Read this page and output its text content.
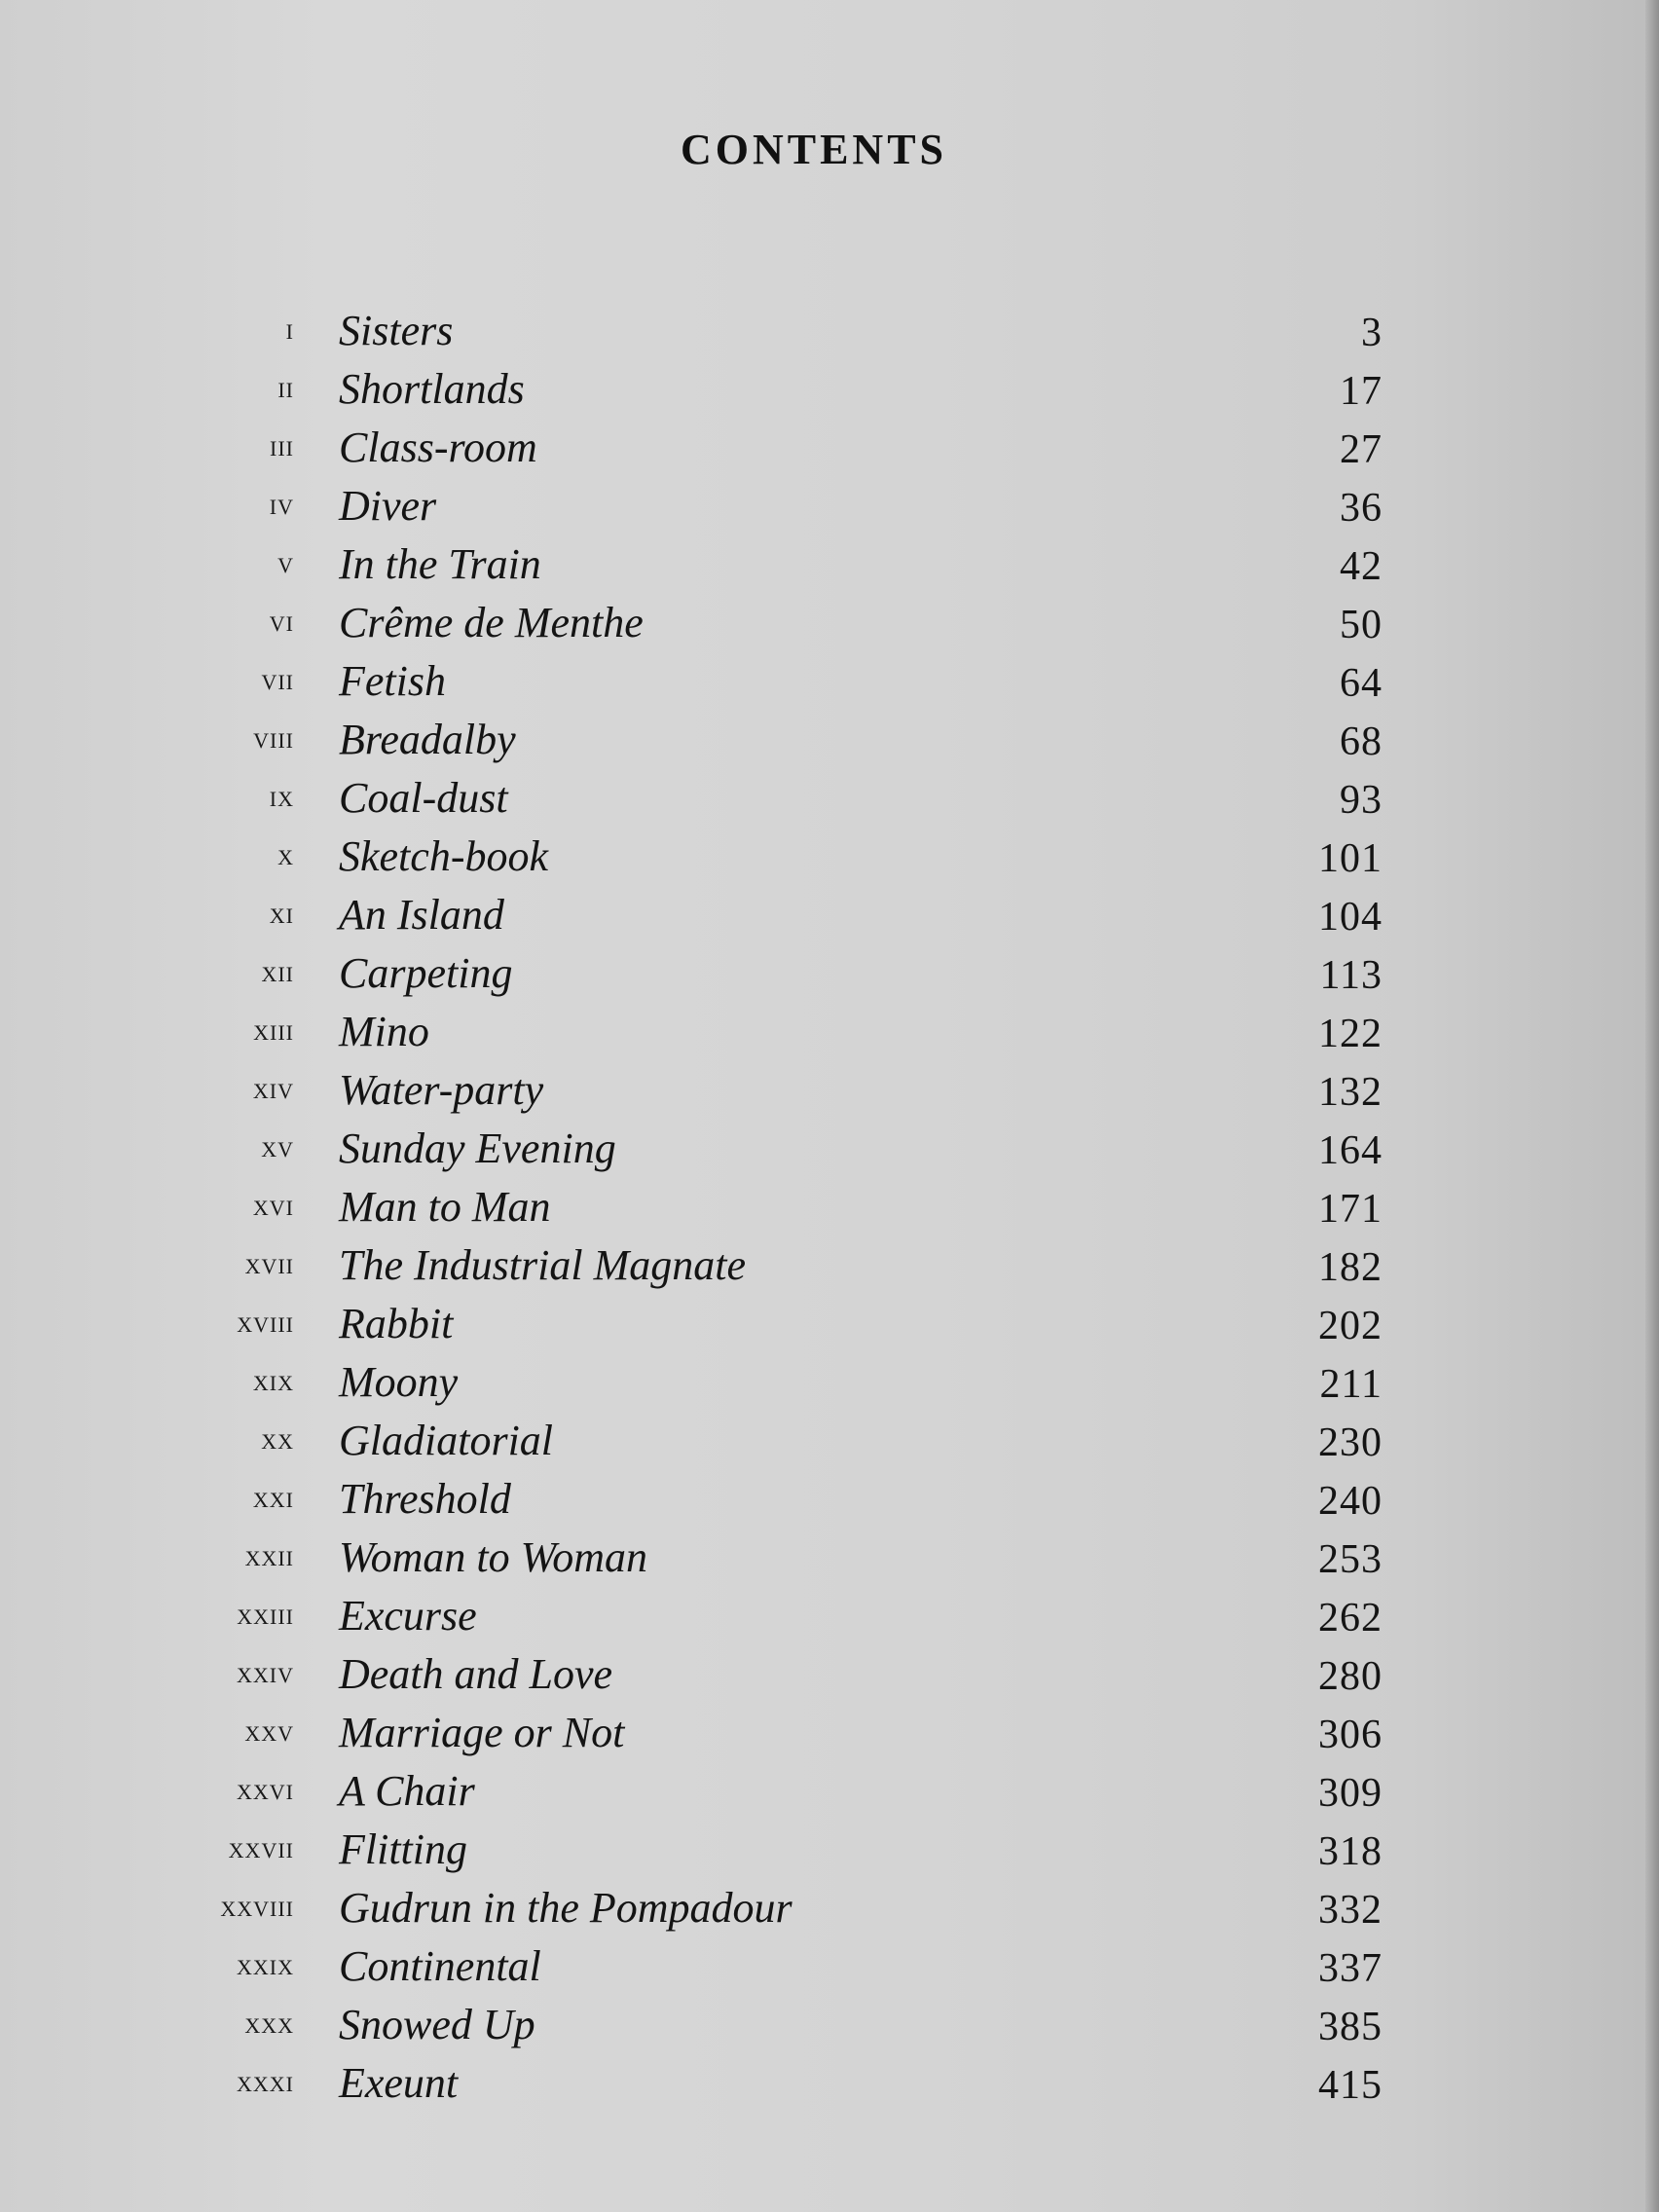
CONTENTS
i Sisters	3
ii Shortlands	17
iii Class-room	27
iv Diver	36
v In the Train	42
vi Crême de Menthe	50
vii Fetish	64
viii Breadalby	68
ix Coal-dust	93
x Sketch-book	101
xi An Island	104
xii Carpeting	113
xiii Mino	122
xiv Water-party	132
xv Sunday Evening	164
xvi Man to Man	171
xvii The Industrial Magnate	182
xviii Rabbit	202
xix Moony	211
xx Gladiatorial	230
xxi Threshold	240
xxii Woman to Woman	253
xxiii Excurse	262
xxiv Death and Love	280
xxv Marriage or Not	306
xxvi A Chair	309
xxvii Flitting	318
xxviii Gudrun in the Pompadour	332
xxix Continental	337
xxx Snowed Up	385
xxxi Exeunt	415
